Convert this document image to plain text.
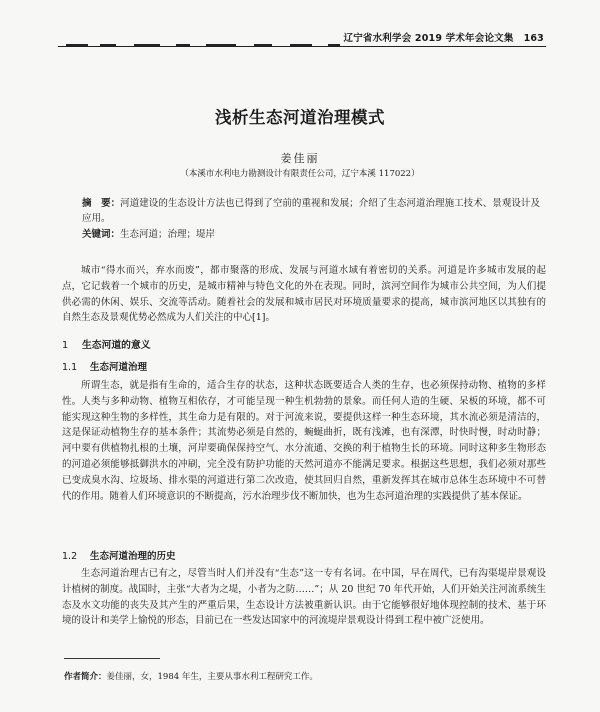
辽宁省水利学会 2019 学术年会论文集 163
浅析生态河道治理模式
姜佳丽
（本溪市水利电力勘测设计有限责任公司，辽宁本溪 117022）
摘　要：河道建设的生态设计方法也已得到了空前的重视和发展；介绍了生态河道治理施工技术、景观设计及应用。
关键词：生态河道；治理；堤岸

城市“得水而兴，弃水而废”，都市聚落的形成、发展与河道水域有着密切的关系。河道是许多城市发展的起点，它记载着一个城市的历史，是城市精神与特色文化的外在表现。同时，滨河空间作为城市公共空间，为人们提供必需的休闲、娱乐、交流等活动。随着社会的发展和城市居民对环境质量要求的提高，城市滨河地区以其独有的自然生态及景观优势必然成为人们关注的中心[1]。

1 生态河道的意义
1.1 生态河道治理

所谓生态，就是指有生命的，适合生存的状态，这种状态既要适合人类的生存，也必须保持动物、植物的多样性。人类与多种动物、植物互相依存，才可能呈现一种生机勃勃的景象。而任何人造的生硬、呆板的环境，都不可能实现这种生物的多样性，其生命力是有限的。对于河流来说，要提供这样一种生态环境，其水流必须是清洁的，这是保证动植物生存的基本条件；其流势必须是自然的，蜿蜒曲折，既有浅滩，也有深潭，时快时慢，时动时静；河中要有供植物扎根的土壤，河岸要确保保持空气、水分流通、交换的利于植物生长的环境。同时这种多生物形态的河道必须能够抵御洪水的冲刷，完全没有防护功能的天然河道亦不能满足要求。根据这些思想，我们必须对那些已变成臭水沟、垃圾场、排水渠的河道进行第二次改造，使其回归自然，重新发挥其在城市总体生态环境中不可替代的作用。随着人们环境意识的不断提高，污水治理步伐不断加快，也为生态河道治理的实践提供了基本保证。

1.2 生态河道治理的历史

生态河道治理古已有之，尽管当时人们并没有“生态”这一专有名词。在中国，早在周代，已有沟渠堤岸景观设计植树的制度。战国时，主张“大者为之堤，小者为之防……”；从 20 世纪 70 年代开始，人们开始关注河流系统生态及水文功能的丧失及其产生的严重后果，生态设计方法被重新认识。由于它能够很好地体现控制的技术、基于环境的设计和美学上愉悦的形态，目前已在一些发达国家中的河流堤岸景观设计得到工程中被广泛使用。

作者简介：姜佳丽，女，1984 年生，主要从事水利工程研究工作。
